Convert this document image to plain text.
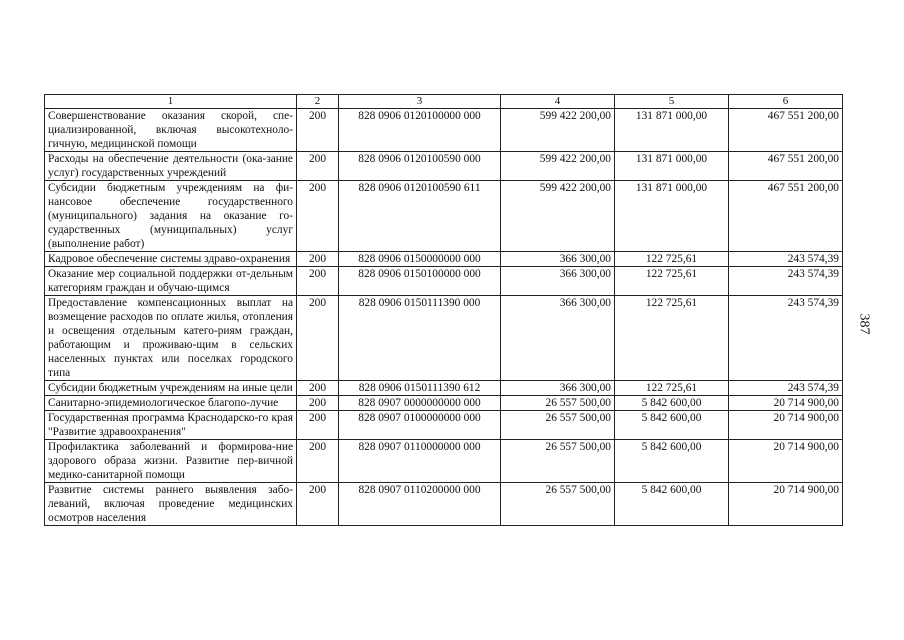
1	2	3	4	5	6
Совершенствование оказания скорой, спе-циализированной, включая высокотехноло-гичную, медицинской помощи	200	828 0906 0120100000 000	599 422 200,00	131 871 000,00	467 551 200,00
Расходы на обеспечение деятельности (ока-зание услуг) государственных учреждений	200	828 0906 0120100590 000	599 422 200,00	131 871 000,00	467 551 200,00
Субсидии бюджетным учреждениям на фи-нансовое обеспечение государственного (муниципального) задания на оказание го-сударственных (муниципальных) услуг (выполнение работ)	200	828 0906 0120100590 611	599 422 200,00	131 871 000,00	467 551 200,00
Кадровое обеспечение системы здраво-охранения	200	828 0906 0150000000 000	366 300,00	122 725,61	243 574,39
Оказание мер социальной поддержки от-дельным категориям граждан и обучаю-щимся	200	828 0906 0150100000 000	366 300,00	122 725,61	243 574,39
Предоставление компенсационных выплат на возмещение расходов по оплате жилья, отопления и освещения отдельным катего-риям граждан, работающим и проживаю-щим в сельских населенных пунктах или поселках городского типа	200	828 0906 0150111390 000	366 300,00	122 725,61	243 574,39
Субсидии бюджетным учреждениям на иные цели	200	828 0906 0150111390 612	366 300,00	122 725,61	243 574,39
Санитарно-эпидемиологическое благопо-лучие	200	828 0907 0000000000 000	26 557 500,00	5 842 600,00	20 714 900,00
Государственная программа Краснодарско-го края "Развитие здравоохранения"	200	828 0907 0100000000 000	26 557 500,00	5 842 600,00	20 714 900,00
Профилактика заболеваний и формирова-ние здорового образа жизни. Развитие пер-вичной медико-санитарной помощи	200	828 0907 0110000000 000	26 557 500,00	5 842 600,00	20 714 900,00
Развитие системы раннего выявления забо-леваний, включая проведение медицинских осмотров населения	200	828 0907 0110200000 000	26 557 500,00	5 842 600,00	20 714 900,00
387
